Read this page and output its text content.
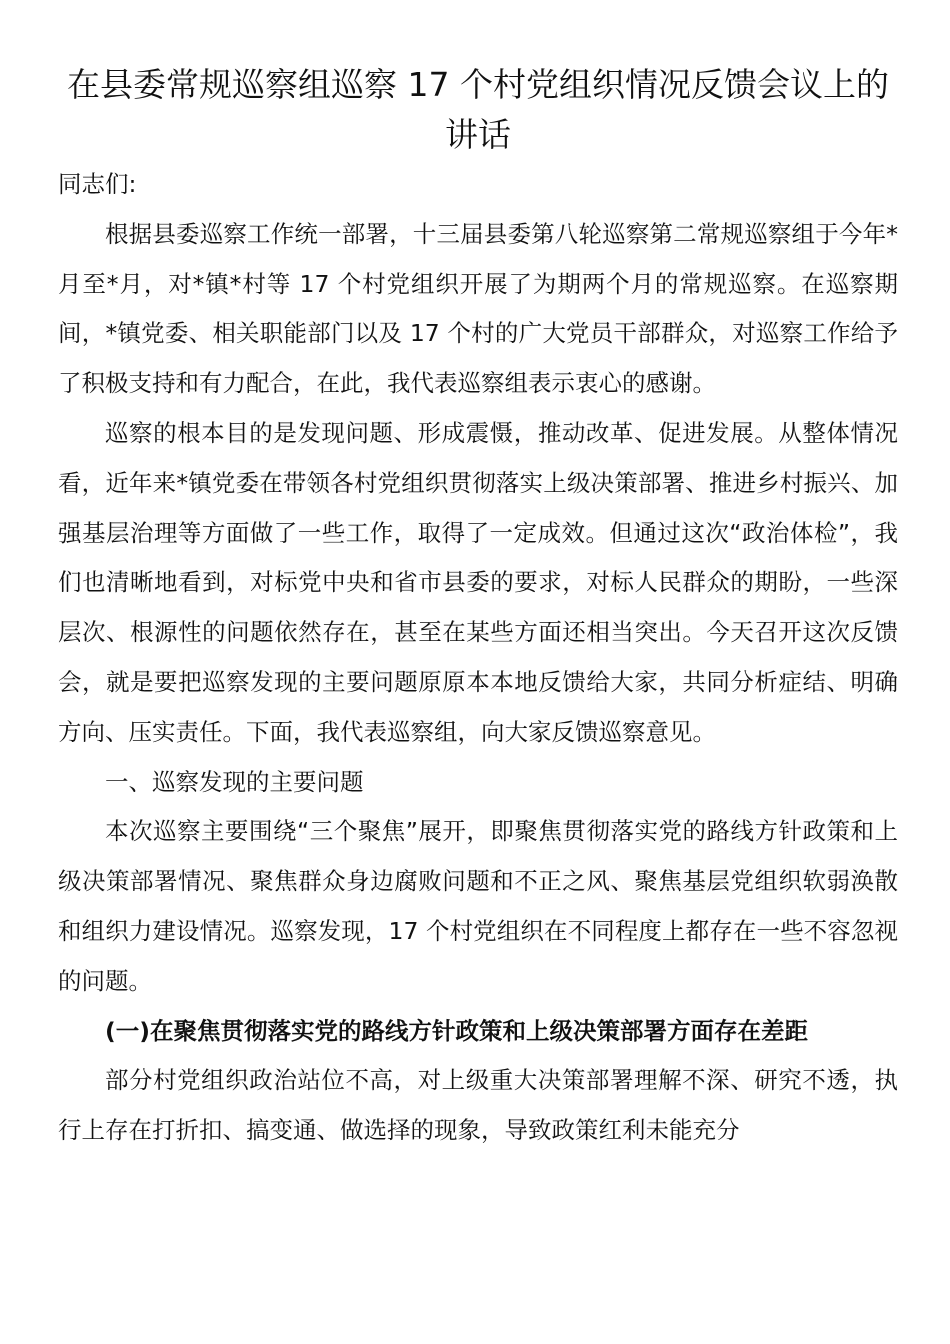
在县委常规巡察组巡察 17 个村党组织情况反馈会议上的讲话

同志们:

根据县委巡察工作统一部署，十三届县委第八轮巡察第二常规巡察组于今年*月至*月，对*镇*村等 17 个村党组织开展了为期两个月的常规巡察。在巡察期间，*镇党委、相关职能部门以及 17 个村的广大党员干部群众，对巡察工作给予了积极支持和有力配合，在此，我代表巡察组表示衷心的感谢。

巡察的根本目的是发现问题、形成震慑，推动改革、促进发展。从整体情况看，近年来*镇党委在带领各村党组织贯彻落实上级决策部署、推进乡村振兴、加强基层治理等方面做了一些工作，取得了一定成效。但通过这次“政治体检”，我们也清晰地看到，对标党中央和省市县委的要求，对标人民群众的期盼，一些深层次、根源性的问题依然存在，甚至在某些方面还相当突出。今天召开这次反馈会，就是要把巡察发现的主要问题原原本本地反馈给大家，共同分析症结、明确方向、压实责任。下面，我代表巡察组，向大家反馈巡察意见。

一、巡察发现的主要问题

本次巡察主要围绕“三个聚焦”展开，即聚焦贯彻落实党的路线方针政策和上级决策部署情况、聚焦群众身边腐败问题和不正之风、聚焦基层党组织软弱涣散和组织力建设情况。巡察发现，17 个村党组织在不同程度上都存在一些不容忽视的问题。

(一)在聚焦贯彻落实党的路线方针政策和上级决策部署方面存在差距

部分村党组织政治站位不高，对上级重大决策部署理解不深、研究不透，执行上存在打折扣、搞变通、做选择的现象，导致政策红利未能充分
